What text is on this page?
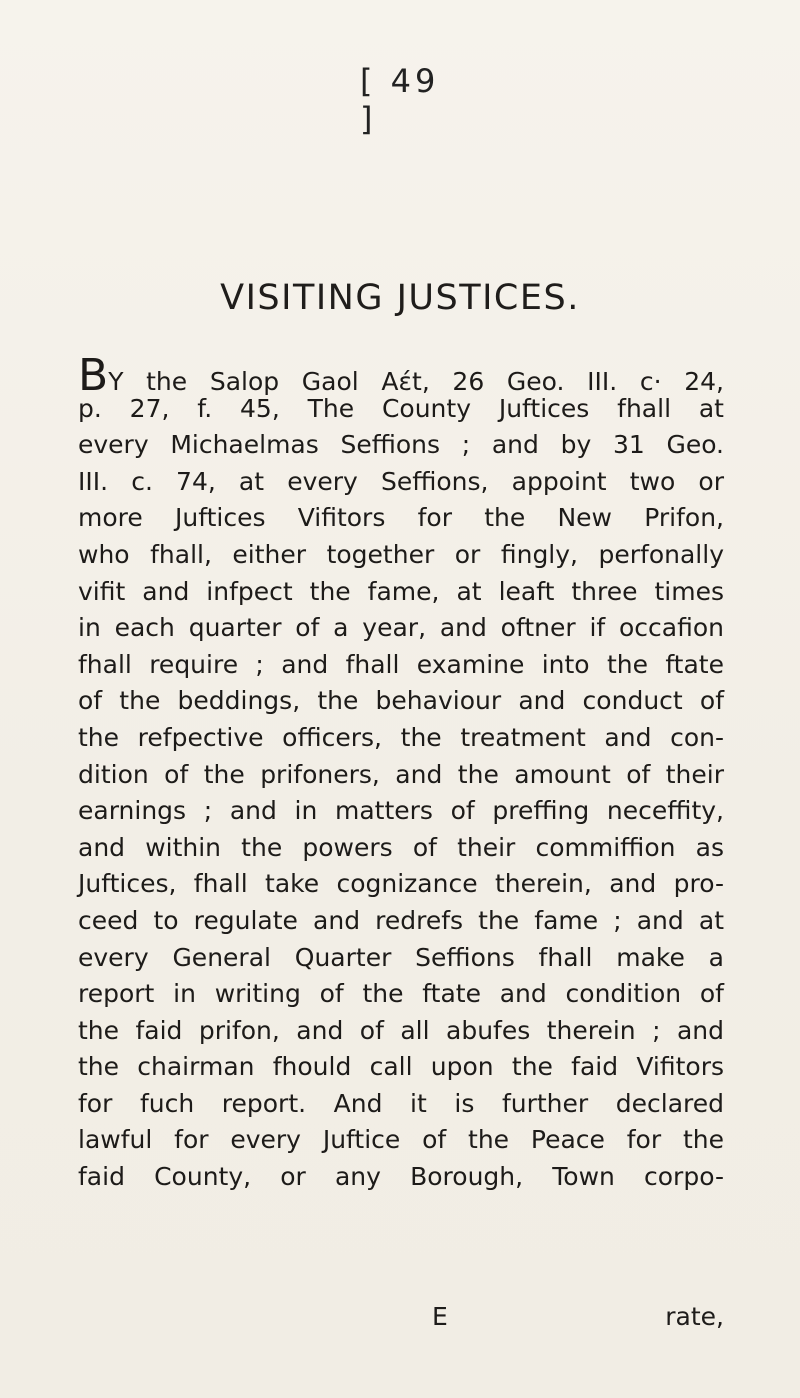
[ 49 ]
VISITING JUSTICES.
BY the Salop Gaol Aɛ́t, 26 Geo. III. c· 24,
p. 27, f. 45, The County Juftices fhall at
every Michaelmas Seffions ; and by 31 Geo.
III. c. 74, at every Seffions, appoint two or
more Juftices Vifitors for the New Prifon,
who fhall, either together or fingly, perfonally
vifit and infpect the fame, at leaft three times
in each quarter of a year, and oftner if occafion
fhall require ; and fhall examine into the ftate
of the beddings, the behaviour and conduct of
the refpective officers, the treatment and con-
dition of the prifoners, and the amount of their
earnings ; and in matters of preffing neceffity,
and within the powers of their commiffion as
Juftices, fhall take cognizance therein, and pro-
ceed to regulate and redrefs the fame ; and at
every General Quarter Seffions fhall make a
report in writing of the ftate and condition of
the faid prifon, and of all abufes therein ; and
the chairman fhould call upon the faid Vifitors
for fuch report. And it is further declared
lawful for every Juftice of the Peace for the
faid County, or any Borough, Town corpo-
E	rate,
